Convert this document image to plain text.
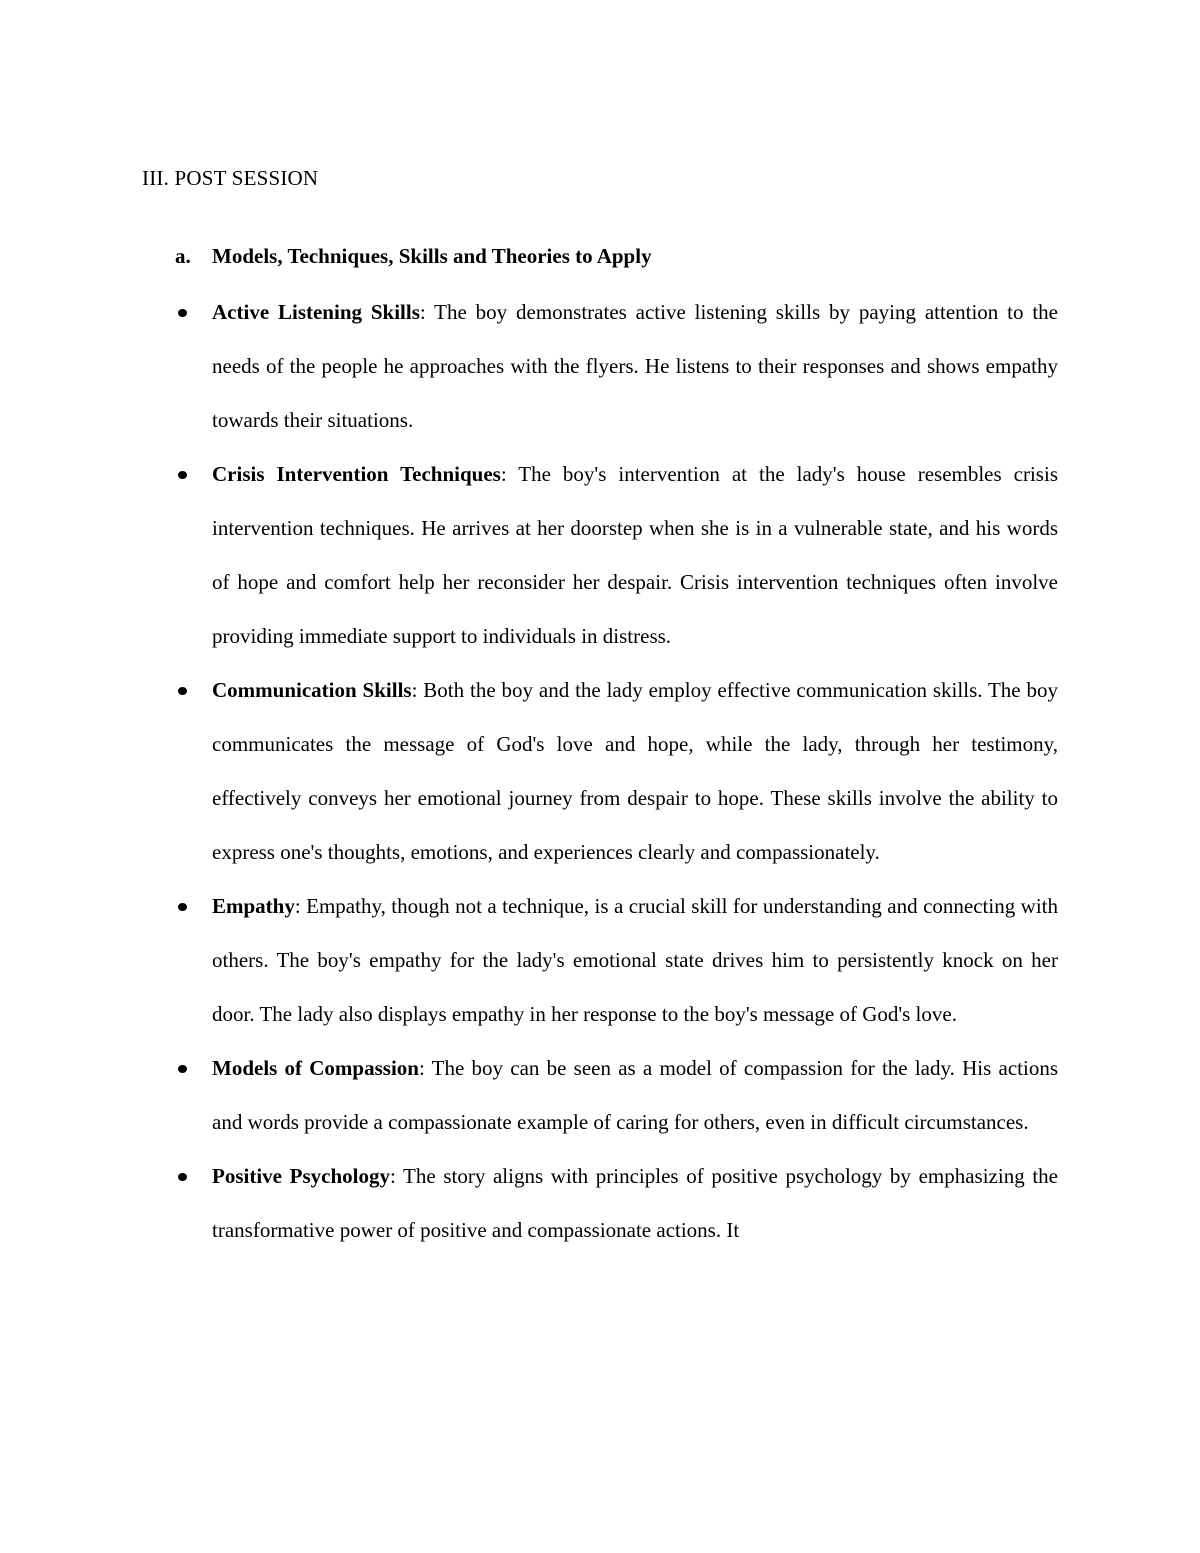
III. POST SESSION
a. Models, Techniques, Skills and Theories to Apply
Active Listening Skills: The boy demonstrates active listening skills by paying attention to the needs of the people he approaches with the flyers. He listens to their responses and shows empathy towards their situations.
Crisis Intervention Techniques: The boy's intervention at the lady's house resembles crisis intervention techniques. He arrives at her doorstep when she is in a vulnerable state, and his words of hope and comfort help her reconsider her despair. Crisis intervention techniques often involve providing immediate support to individuals in distress.
Communication Skills: Both the boy and the lady employ effective communication skills. The boy communicates the message of God's love and hope, while the lady, through her testimony, effectively conveys her emotional journey from despair to hope. These skills involve the ability to express one's thoughts, emotions, and experiences clearly and compassionately.
Empathy: Empathy, though not a technique, is a crucial skill for understanding and connecting with others. The boy's empathy for the lady's emotional state drives him to persistently knock on her door. The lady also displays empathy in her response to the boy's message of God's love.
Models of Compassion: The boy can be seen as a model of compassion for the lady. His actions and words provide a compassionate example of caring for others, even in difficult circumstances.
Positive Psychology: The story aligns with principles of positive psychology by emphasizing the transformative power of positive and compassionate actions. It
